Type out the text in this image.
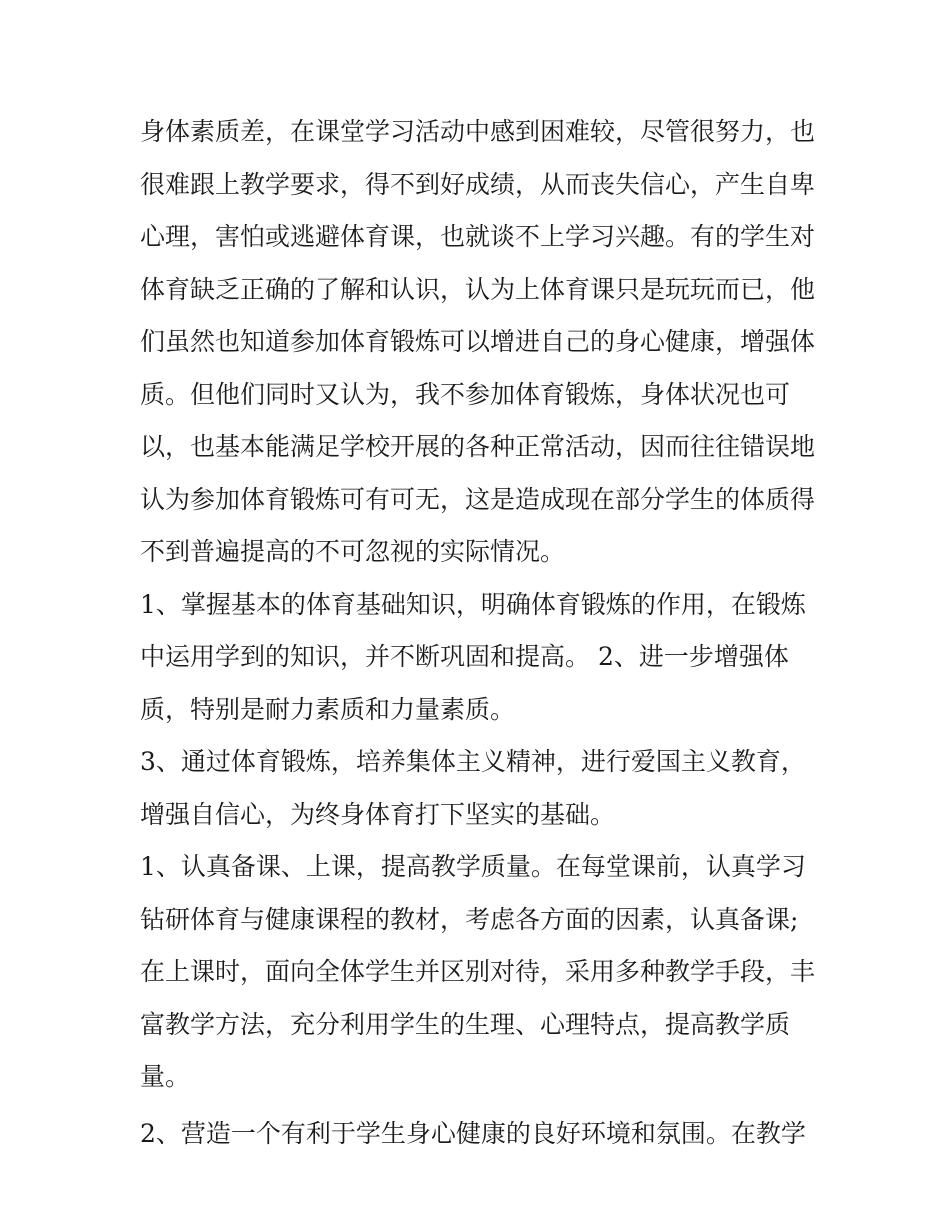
身体素质差，在课堂学习活动中感到困难较，尽管很努力，也
很难跟上教学要求，得不到好成绩，从而丧失信心，产生自卑
心理，害怕或逃避体育课，也就谈不上学习兴趣。有的学生对
体育缺乏正确的了解和认识，认为上体育课只是玩玩而已，他
们虽然也知道参加体育锻炼可以增进自己的身心健康，增强体
质。但他们同时又认为，我不参加体育锻炼，身体状况也可
以，也基本能满足学校开展的各种正常活动，因而往往错误地
认为参加体育锻炼可有可无，这是造成现在部分学生的体质得
不到普遍提高的不可忽视的实际情况。
1、掌握基本的体育基础知识，明确体育锻炼的作用，在锻炼
中运用学到的知识，并不断巩固和提高。 2、进一步增强体
质，特别是耐力素质和力量素质。
3、通过体育锻炼，培养集体主义精神，进行爱国主义教育，
增强自信心，为终身体育打下坚实的基础。
1、认真备课、上课，提高教学质量。在每堂课前，认真学习
钻研体育与健康课程的教材，考虑各方面的因素，认真备课;
在上课时，面向全体学生并区别对待，采用多种教学手段，丰
富教学方法，充分利用学生的生理、心理特点，提高教学质
量。
2、营造一个有利于学生身心健康的良好环境和氛围。在教学
